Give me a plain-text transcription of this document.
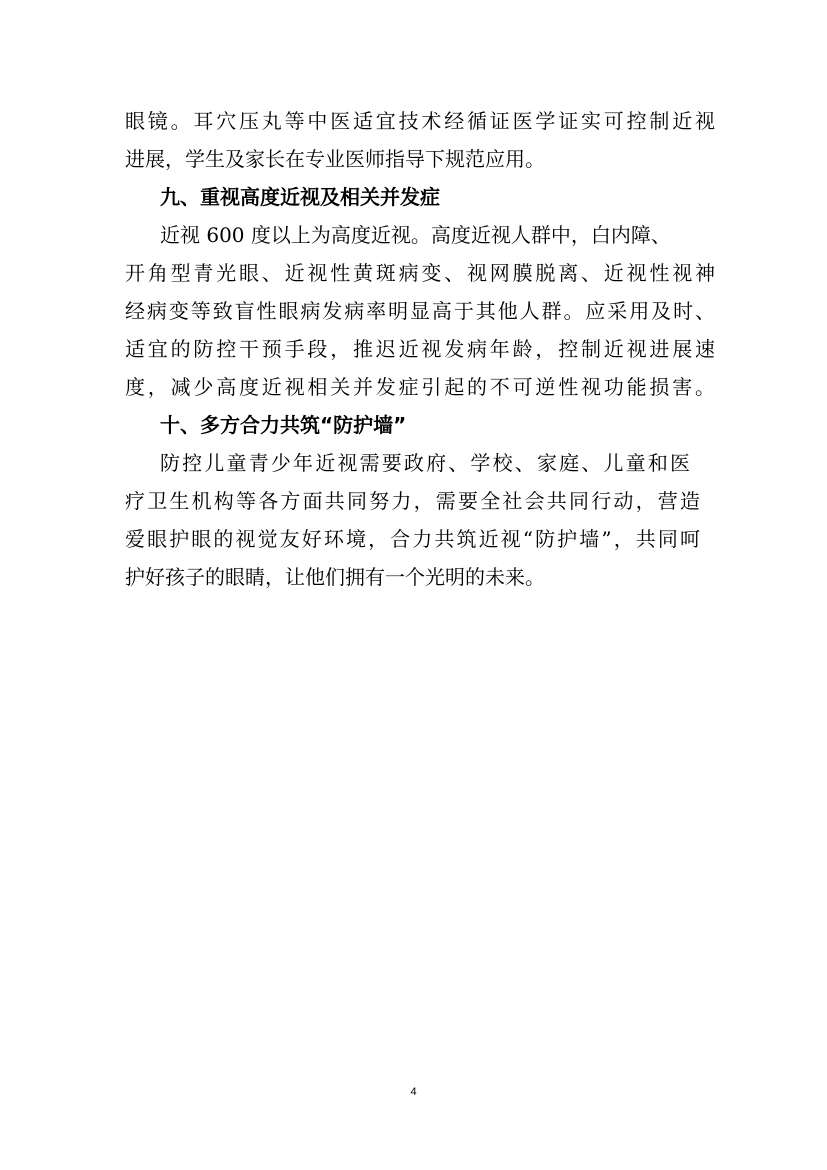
眼镜。耳穴压丸等中医适宜技术经循证医学证实可控制近视
进展，学生及家长在专业医师指导下规范应用。
九、重视高度近视及相关并发症
近视 600 度以上为高度近视。高度近视人群中，白内障、
开角型青光眼、近视性黄斑病变、视网膜脱离、近视性视神
经病变等致盲性眼病发病率明显高于其他人群。应采用及时、
适宜的防控干预手段，推迟近视发病年龄，控制近视进展速
度，减少高度近视相关并发症引起的不可逆性视功能损害。
十、多方合力共筑“防护墙”
防控儿童青少年近视需要政府、学校、家庭、儿童和医
疗卫生机构等各方面共同努力，需要全社会共同行动，营造
爱眼护眼的视觉友好环境，合力共筑近视“防护墙”，共同呵
护好孩子的眼睛，让他们拥有一个光明的未来。
4
